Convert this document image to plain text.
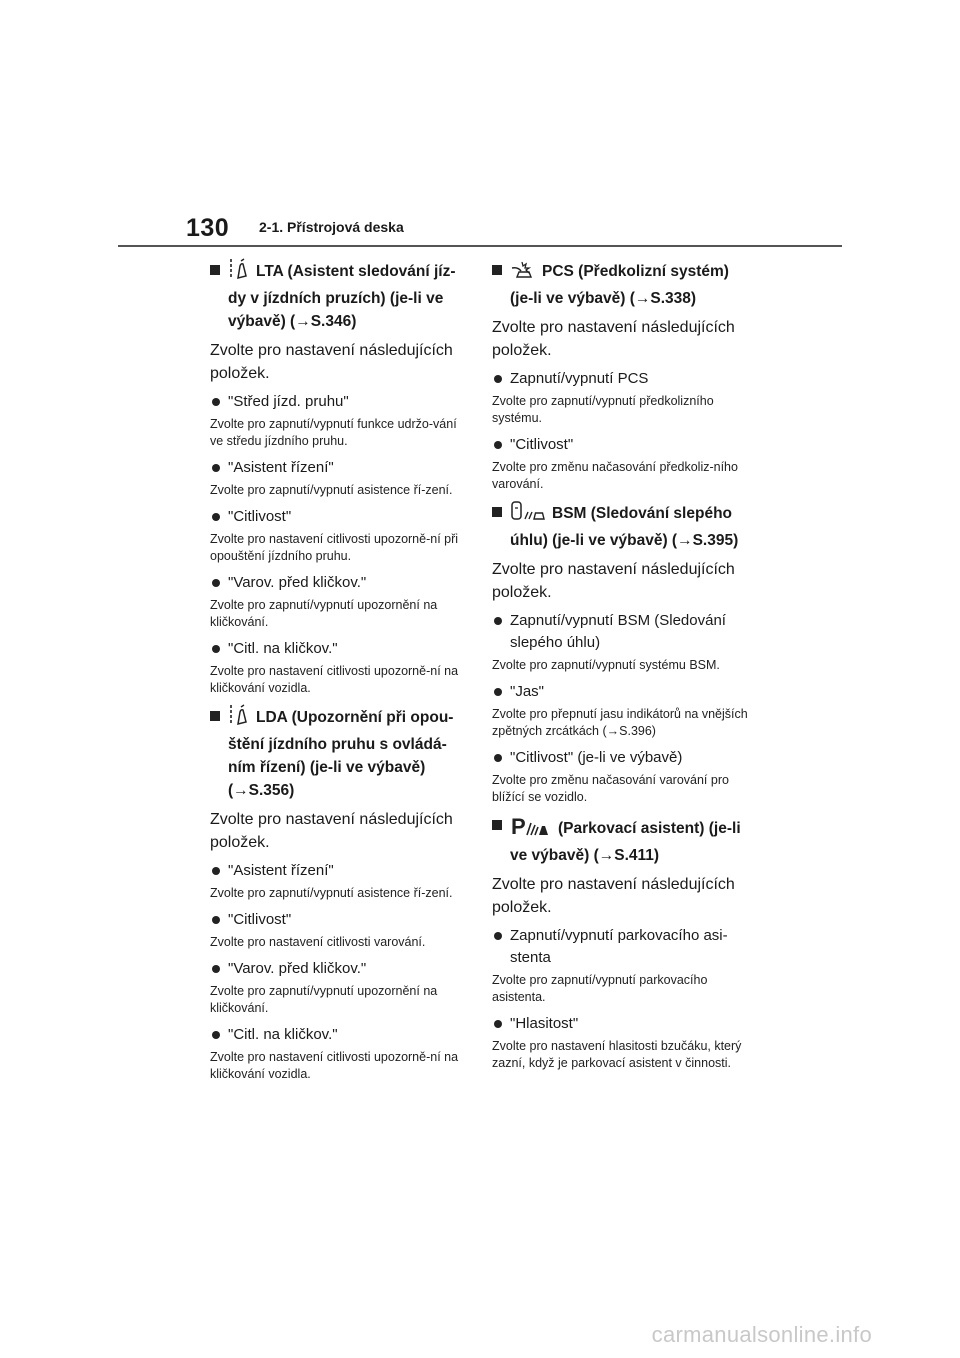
130 2-1. Přístrojová deska
LTA (Asistent sledování jíz-dy v jízdních pruzích) (je-li ve výbavě) (→S.346)

Zvolte pro nastavení následujících položek.

"Střed jízd. pruhu"

Zvolte pro zapnutí/vypnutí funkce udržo-vání ve středu jízdního pruhu.

"Asistent řízení"

Zvolte pro zapnutí/vypnutí asistence ří-zení.

"Citlivost"

Zvolte pro nastavení citlivosti upozorně-ní při opouštění jízdního pruhu.

"Varov. před kličkov."

Zvolte pro zapnutí/vypnutí upozornění na kličkování.

"Citl. na kličkov."

Zvolte pro nastavení citlivosti upozorně-ní na kličkování vozidla.

LDA (Upozornění při opou-štění jízdního pruhu s ovládá-ním řízení) (je-li ve výbavě) (→S.356)

Zvolte pro nastavení následujících položek.

"Asistent řízení"

Zvolte pro zapnutí/vypnutí asistence ří-zení.

"Citlivost"

Zvolte pro nastavení citlivosti varování.

"Varov. před kličkov."

Zvolte pro zapnutí/vypnutí upozornění na kličkování.

"Citl. na kličkov."

Zvolte pro nastavení citlivosti upozorně-ní na kličkování vozidla.

PCS (Předkolizní systém) (je-li ve výbavě) (→S.338)

Zvolte pro nastavení následujících položek.

Zapnutí/vypnutí PCS

Zvolte pro zapnutí/vypnutí předkolizního systému.

"Citlivost"

Zvolte pro změnu načasování předkoliz-ního varování.

BSM (Sledování slepého úhlu) (je-li ve výbavě) (→S.395)

Zvolte pro nastavení následujících položek.

Zapnutí/vypnutí BSM (Sledování slepého úhlu)

Zvolte pro zapnutí/vypnutí systému BSM.

"Jas"

Zvolte pro přepnutí jasu indikátorů na vnějších zpětných zrcátkách (→S.396)

"Citlivost" (je-li ve výbavě)

Zvolte pro změnu načasování varování pro blížící se vozidlo.

P (Parkovací asistent) (je-li ve výbavě) (→S.411)

Zvolte pro nastavení následujících položek.

Zapnutí/vypnutí parkovacího asi-stenta

Zvolte pro zapnutí/vypnutí parkovacího asistenta.

"Hlasitost"

Zvolte pro nastavení hlasitosti bzučáku, který zazní, když je parkovací asistent v činnosti.

carmanualsonline.info
